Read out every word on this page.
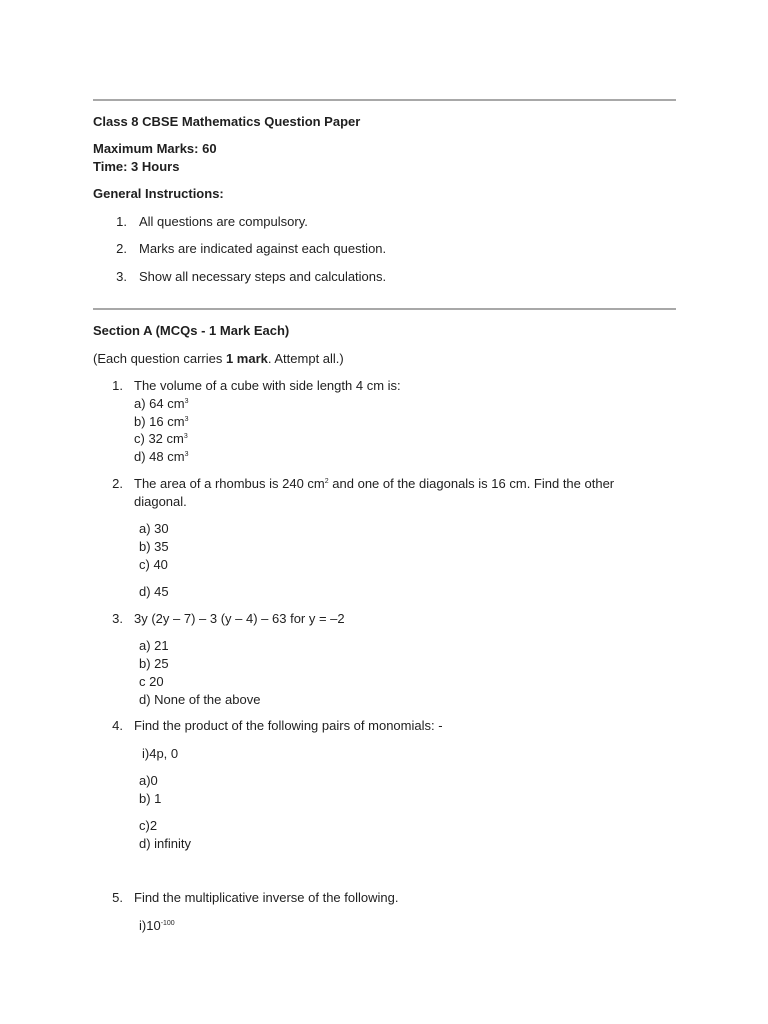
Class 8 CBSE Mathematics Question Paper
Maximum Marks: 60
Time: 3 Hours
General Instructions:
1. All questions are compulsory.
2. Marks are indicated against each question.
3. Show all necessary steps and calculations.
Section A (MCQs - 1 Mark Each)
(Each question carries 1 mark. Attempt all.)
1. The volume of a cube with side length 4 cm is:
a) 64 $cm^3$
b) 16 $cm^3$
c) 32 $cm^3$
d) 48 $cm^3$
2. The area of a rhombus is 240 $cm^2$ and one of the diagonals is 16 cm. Find the other
diagonal.
a) 30
b) 35
c) 40
d) 45
3. 3y (2y – 7) – 3 (y – 4) – 63 for y = –2
a) 21
b) 25
c 20
d) None of the above
4. Find the product of the following pairs of monomials: -
i)4p, 0
a)0
b) 1
c)2
d) infinity
5. Find the multiplicative inverse of the following.
$i)10^{-100}$
